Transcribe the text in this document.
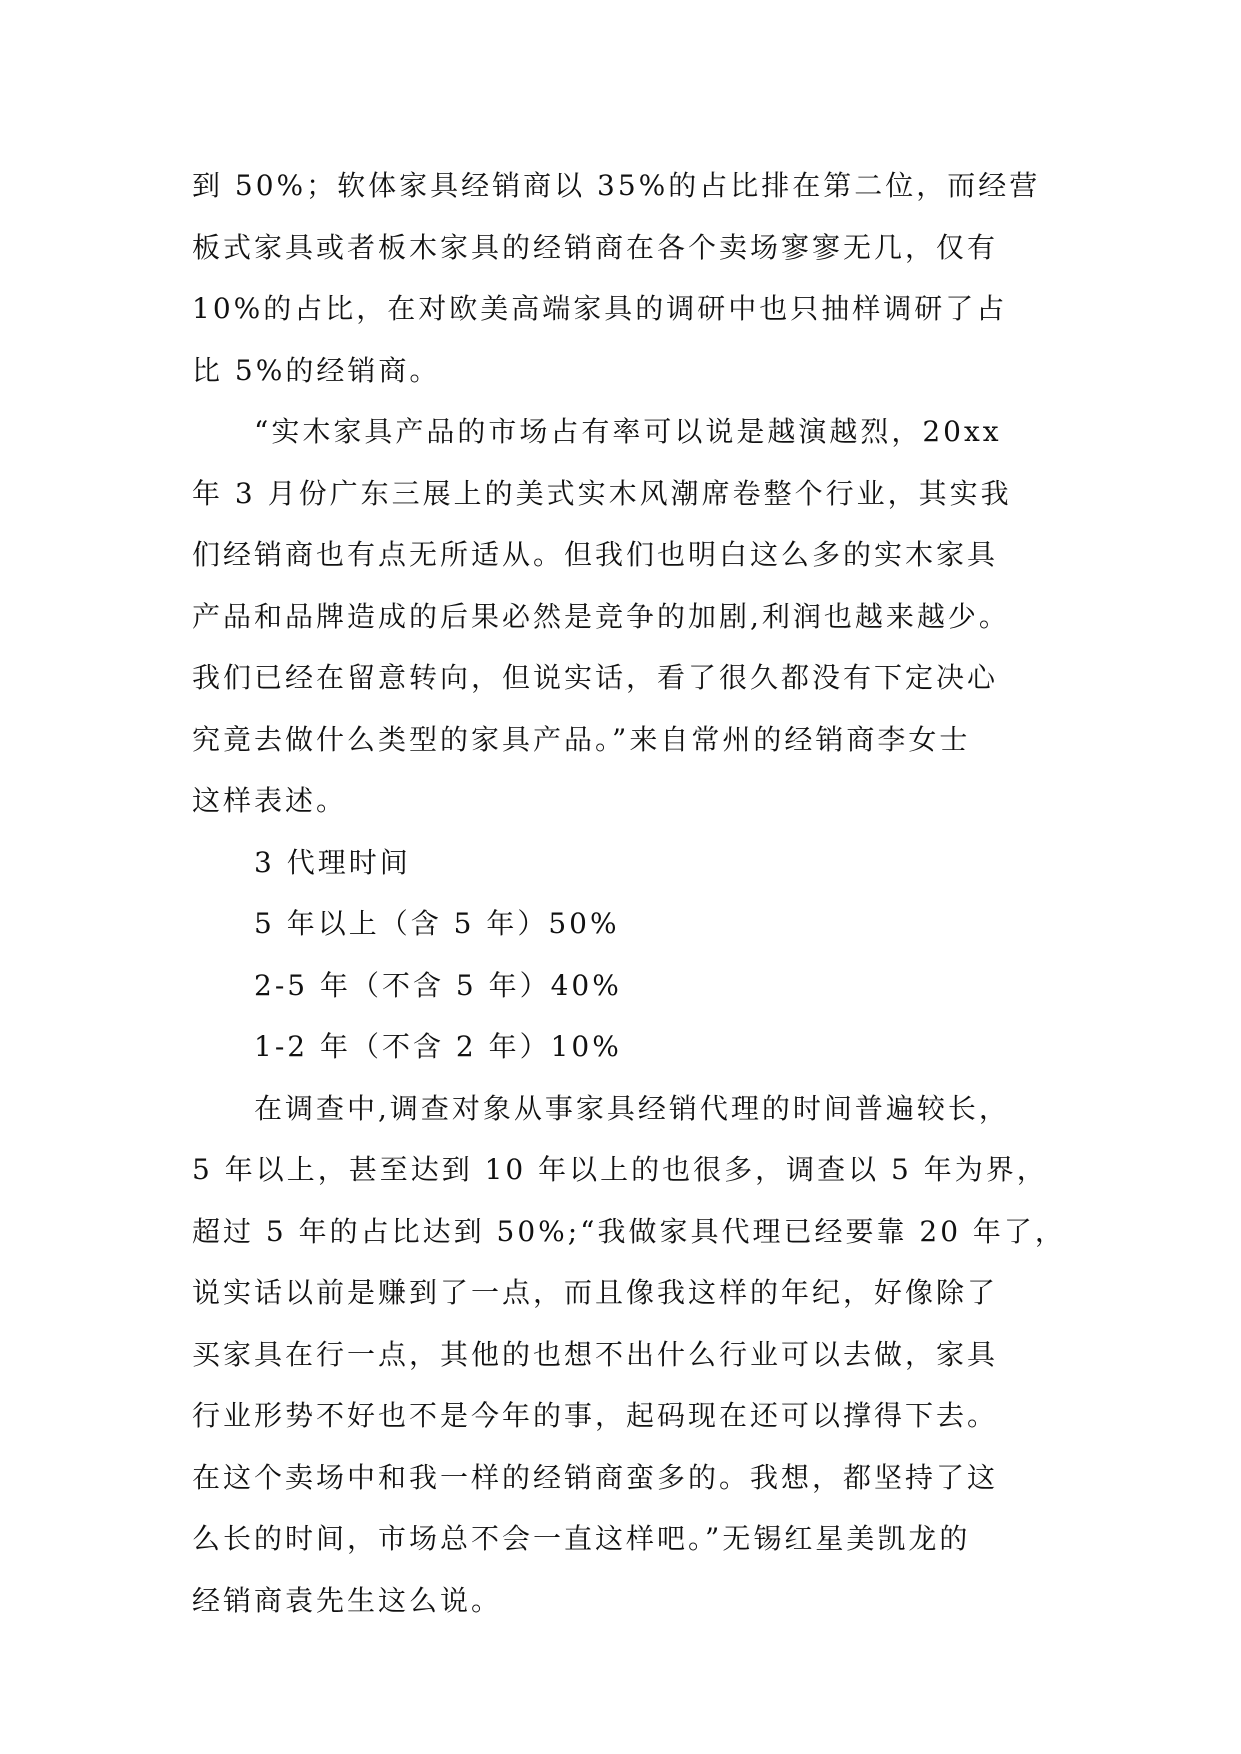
到 50%；软体家具经销商以 35%的占比排在第二位，而经营
板式家具或者板木家具的经销商在各个卖场寥寥无几，仅有
10%的占比，在对欧美高端家具的调研中也只抽样调研了占
比 5%的经销商。
“实木家具产品的市场占有率可以说是越演越烈，20xx
年 3 月份广东三展上的美式实木风潮席卷整个行业，其实我
们经销商也有点无所适从。但我们也明白这么多的实木家具
产品和品牌造成的后果必然是竞争的加剧,利润也越来越少。
我们已经在留意转向，但说实话，看了很久都没有下定决心
究竟去做什么类型的家具产品。”来自常州的经销商李女士
这样表述。
3 代理时间
5 年以上（含 5 年）50%
2-5 年（不含 5 年）40%
1-2 年（不含 2 年）10%
在调查中,调查对象从事家具经销代理的时间普遍较长，
5 年以上，甚至达到 10 年以上的也很多，调查以 5 年为界，
超过 5 年的占比达到 50%;“我做家具代理已经要靠 20 年了，
说实话以前是赚到了一点，而且像我这样的年纪，好像除了
买家具在行一点，其他的也想不出什么行业可以去做，家具
行业形势不好也不是今年的事，起码现在还可以撑得下去。
在这个卖场中和我一样的经销商蛮多的。我想，都坚持了这
么长的时间，市场总不会一直这样吧。”无锡红星美凯龙的
经销商袁先生这么说。
